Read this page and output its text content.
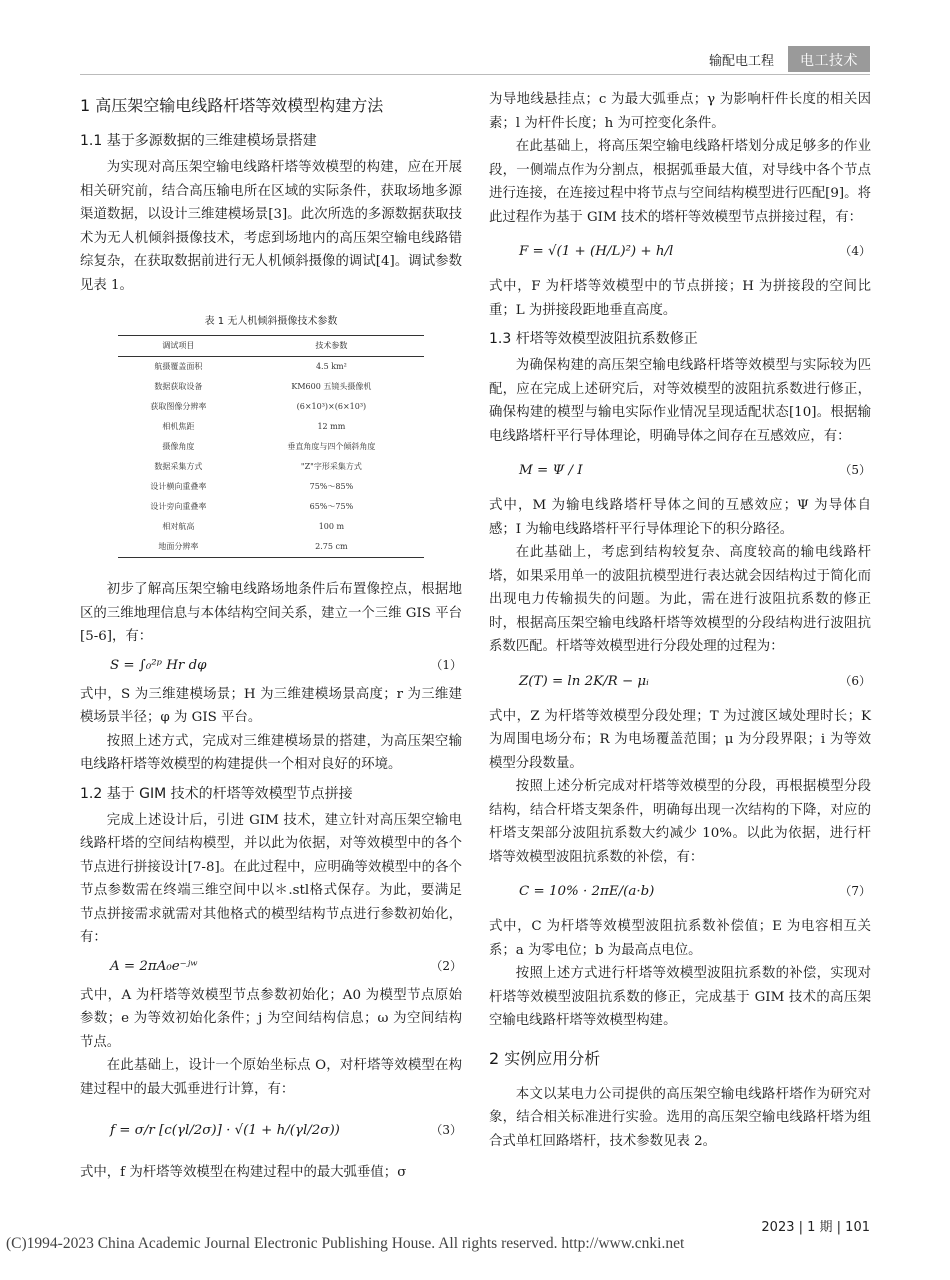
输配电工程	电工技术
1 高压架空输电线路杆塔等效模型构建方法
1.1 基于多源数据的三维建模场景搭建

为实现对高压架空输电线路杆塔等效模型的构建，应在开展相关研究前，结合高压输电所在区域的实际条件，获取场地多源渠道数据，以设计三维建模场景[3]。此次所选的多源数据获取技术为无人机倾斜摄像技术，考虑到场地内的高压架空输电线路错综复杂，在获取数据前进行无人机倾斜摄像的调试[4]。调试参数见表 1。

表 1 无人机倾斜摄像技术参数
调试项目	技术参数
航摄覆盖面积	4.5 km²
数据获取设备	KM600 五镜头摄像机
获取图像分辨率	(6×10³)×(6×10³)
相机焦距	12 mm
摄像角度	垂直角度与四个倾斜角度
数据采集方式	"Z"字形采集方式
设计横向重叠率	75%～85%
设计旁向重叠率	65%～75%
相对航高	100 m
地面分辨率	2.75 cm

初步了解高压架空输电线路场地条件后布置像控点，根据地区的三维地理信息与本体结构空间关系，建立一个三维 GIS 平台[5-6]，有：

S = ∫₀²ᵖ Hr dφ	（1）

式中，S 为三维建模场景；H 为三维建模场景高度；r 为三维建模场景半径；φ 为 GIS 平台。

按照上述方式，完成对三维建模场景的搭建，为高压架空输电线路杆塔等效模型的构建提供一个相对良好的环境。

1.2 基于 GIM 技术的杆塔等效模型节点拼接

完成上述设计后，引进 GIM 技术，建立针对高压架空输电线路杆塔的空间结构模型，并以此为依据，对等效模型中的各个节点进行拼接设计[7-8]。在此过程中，应明确等效模型中的各个节点参数需在终端三维空间中以＊.stl格式保存。为此，要满足节点拼接需求就需对其他格式的模型结构节点进行参数初始化，有：

A = 2πA₀e⁻ʲʷ	（2）

式中，A 为杆塔等效模型节点参数初始化；A0 为模型节点原始参数；e 为等效初始化条件；j 为空间结构信息；ω 为空间结构节点。

在此基础上，设计一个原始坐标点 O，对杆塔等效模型在构建过程中的最大弧垂进行计算，有：

f = σ/r [c(γl/2σ)] · √(1 + h/(γl/2σ))	（3）

式中，f 为杆塔等效模型在构建过程中的最大弧垂值；σ

为导地线悬挂点；c 为最大弧垂点；γ 为影响杆件长度的相关因素；l 为杆件长度；h 为可控变化条件。

在此基础上，将高压架空输电线路杆塔划分成足够多的作业段，一侧端点作为分割点，根据弧垂最大值，对导线中各个节点进行连接，在连接过程中将节点与空间结构模型进行匹配[9]。将此过程作为基于 GIM 技术的塔杆等效模型节点拼接过程，有：

F = √(1 + (H/L)²) + h/l	（4）

式中，F 为杆塔等效模型中的节点拼接；H 为拼接段的空间比重；L 为拼接段距地垂直高度。

1.3 杆塔等效模型波阻抗系数修正

为确保构建的高压架空输电线路杆塔等效模型与实际较为匹配，应在完成上述研究后，对等效模型的波阻抗系数进行修正，确保构建的模型与输电实际作业情况呈现适配状态[10]。根据输电线路塔杆平行导体理论，明确导体之间存在互感效应，有：

M = Ψ / I	（5）

式中，M 为输电线路塔杆导体之间的互感效应；Ψ 为导体自感；I 为输电线路塔杆平行导体理论下的积分路径。

在此基础上，考虑到结构较复杂、高度较高的输电线路杆塔，如果采用单一的波阻抗模型进行表达就会因结构过于简化而出现电力传输损失的问题。为此，需在进行波阻抗系数的修正时，根据高压架空输电线路杆塔等效模型的分段结构进行波阻抗系数匹配。杆塔等效模型进行分段处理的过程为：

Z(T) = ln 2K/R − μᵢ	（6）

式中，Z 为杆塔等效模型分段处理；T 为过渡区域处理时长；K 为周围电场分布；R 为电场覆盖范围；μ 为分段界限；i 为等效模型分段数量。

按照上述分析完成对杆塔等效模型的分段，再根据模型分段结构，结合杆塔支架条件，明确每出现一次结构的下降，对应的杆塔支架部分波阻抗系数大约减少 10%。以此为依据，进行杆塔等效模型波阻抗系数的补偿，有：

C = 10% · 2πE/(a·b)	（7）

式中，C 为杆塔等效模型波阻抗系数补偿值；E 为电容相互关系；a 为零电位；b 为最高点电位。

按照上述方式进行杆塔等效模型波阻抗系数的补偿，实现对杆塔等效模型波阻抗系数的修正，完成基于 GIM 技术的高压架空输电线路杆塔等效模型构建。

2 实例应用分析

本文以某电力公司提供的高压架空输电线路杆塔作为研究对象，结合相关标准进行实验。选用的高压架空输电线路杆塔为组合式单杠回路塔杆，技术参数见表 2。

2023 | 1 期 | 101
(C)1994-2023 China Academic Journal Electronic Publishing House. All rights reserved. http://www.cnki.net
